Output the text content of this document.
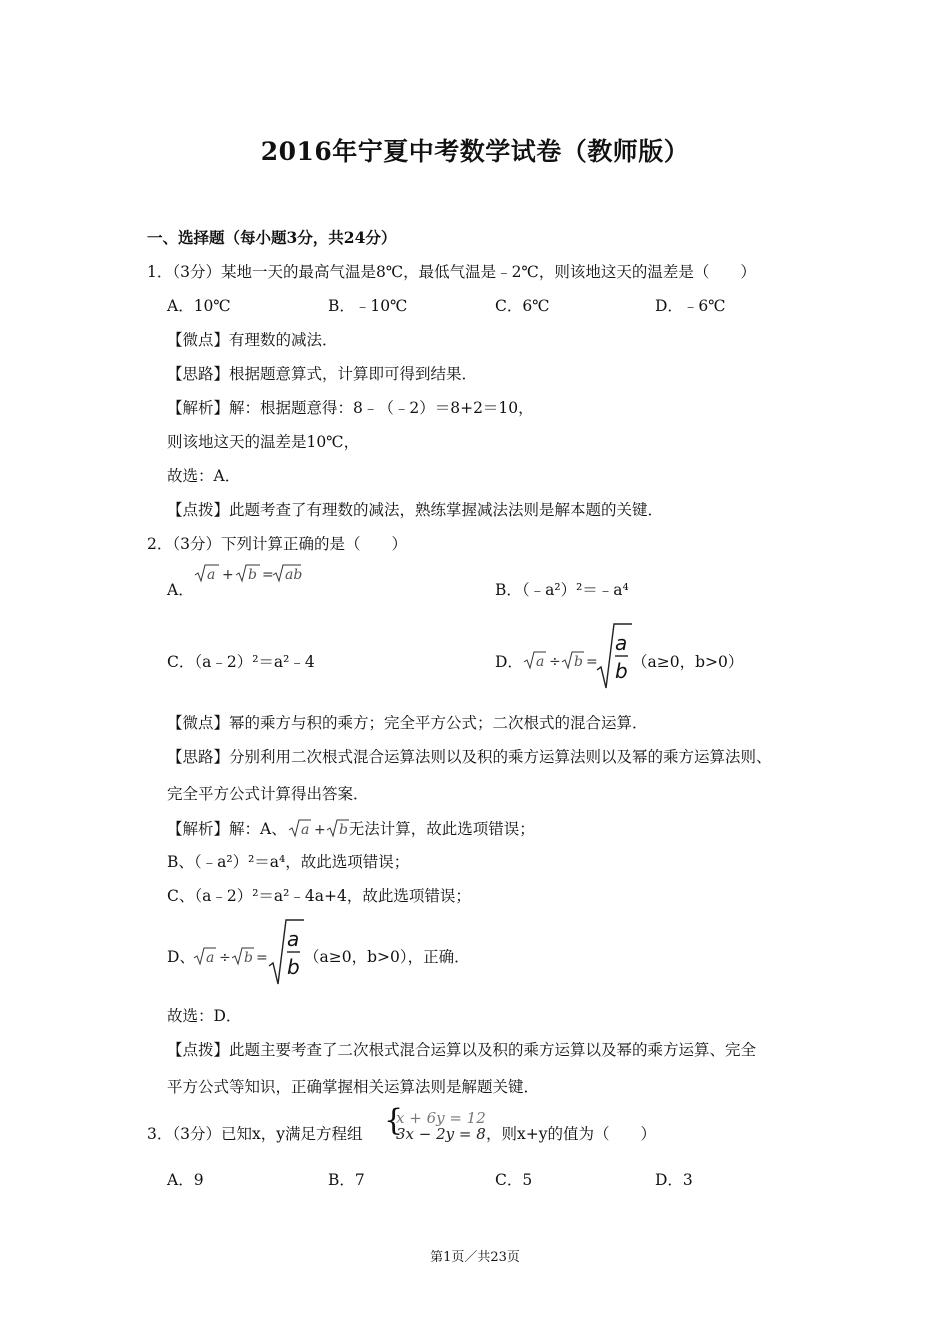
2016年宁夏中考数学试卷（教师版）
一、选择题（每小题3分，共24分）
1．（3分）某地一天的最高气温是8℃，最低气温是﹣2℃，则该地这天的温差是（　　）
A．10℃	B．﹣10℃	C．6℃	D．﹣6℃
【微点】有理数的减法．
【思路】根据题意算式，计算即可得到结果．
【解析】解：根据题意得：8﹣（﹣2）＝8+2＝10，
则该地这天的温差是10℃，
故选：A．
【点拨】此题考查了有理数的减法，熟练掌握减法法则是解本题的关键．
2．（3分）下列计算正确的是（　　）
A．
a b ab
+ =
B．（﹣a²）²＝﹣a⁴
C．（a﹣2）²＝a²﹣4	D． a b
÷ =
a
b （a≥0，b>0）
【微点】幂的乘方与积的乘方；完全平方公式；二次根式的混合运算．
【思路】分别利用二次根式混合运算法则以及积的乘方运算法则以及幂的乘方运算法则、
完全平方公式计算得出答案．
【解析】解：A、 a + b 无法计算，故此选项错误；
B、（﹣a²）²＝a⁴，故此选项错误；
C、（a﹣2）²＝a²﹣4a+4，故此选项错误；
D、 a b
÷ =
a
b （a≥0，b>0），正确．
故选：D．
【点拨】此题主要考查了二次根式混合运算以及积的乘方运算以及幂的乘方运算、完全
平方公式等知识，正确掌握相关运算法则是解题关键．
3．（3分）已知x，y满足方程组 {
x + 6y = 12
3x − 2y = 8 ，则x+y的值为（　　）
A．9	B．7	C．5	D．3
第1页／共23页
